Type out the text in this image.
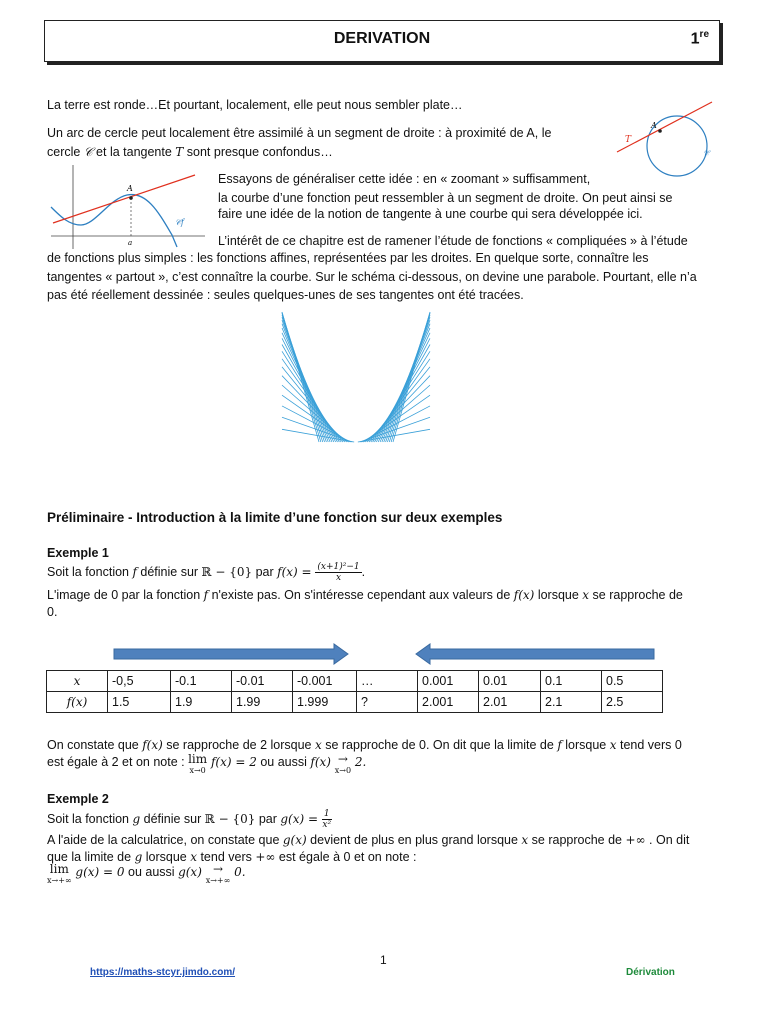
DERIVATION	1re
La terre est ronde…Et pourtant, localement, elle peut nous sembler plate…
Un arc de cercle peut localement être assimilé à un segment de droite : à proximité de A, le
cercle 𝒞 et la tangente T sont presque confondus…
Essayons de généraliser cette idée : en « zoomant » suffisamment,
la courbe d’une fonction peut ressembler à un segment de droite. On peut ainsi se
faire une idée de la notion de tangente à une courbe qui sera développée ici.
L’intérêt de ce chapitre est de ramener l’étude de fonctions « compliquées » à l’étude
de fonctions plus simples : les fonctions affines, représentées par les droites. En quelque sorte, connaître les
tangentes « partout », c’est connaître la courbe. Sur le schéma ci-dessous, on devine une parabole. Pourtant, elle n’a
pas été réellement dessinée : seules quelques-unes de ses tangentes ont été tracées.
A
T
𝒞
A
a
𝒞f
Préliminaire - Introduction à la limite d’une fonction sur deux exemples
Exemple 1
Soit la fonction f définie sur ℝ − {0} par $f(x) = \frac{\text{(x+1)²−1}}{x}$ .
L'image de 0 par la fonction f n'existe pas. On s'intéresse cependant aux valeurs de f(x) lorsque x se rapproche de
0.
x	-0,5	-0.1	-0.01	-0.001	…	0.001	0.01	0.1	0.5
f(x)	1.5	1.9	1.99	1.999	?	2.001	2.01	2.1	2.5
On constate que f(x) se rapproche de 2 lorsque x se rapproche de 0. On dit que la limite de f lorsque x tend vers 0
est égale à 2 et on note : lim
x→0
f(x) = 2 ou aussi f(x) →
x→0
2.
Exemple 2
Soit la fonction g définie sur ℝ − {0} par $g(x) = \frac{1}{\text{x²}}$
A l'aide de la calculatrice, on constate que g(x) devient de plus en plus grand lorsque x se rapproche de +∞ . On dit
que la limite de g lorsque x tend vers +∞ est égale à 0 et on note :
lim
x→+∞
g(x) = 0 ou aussi g(x) →
x→+∞
0.
1
https://maths-stcyr.jimdo.com/	Dérivation
